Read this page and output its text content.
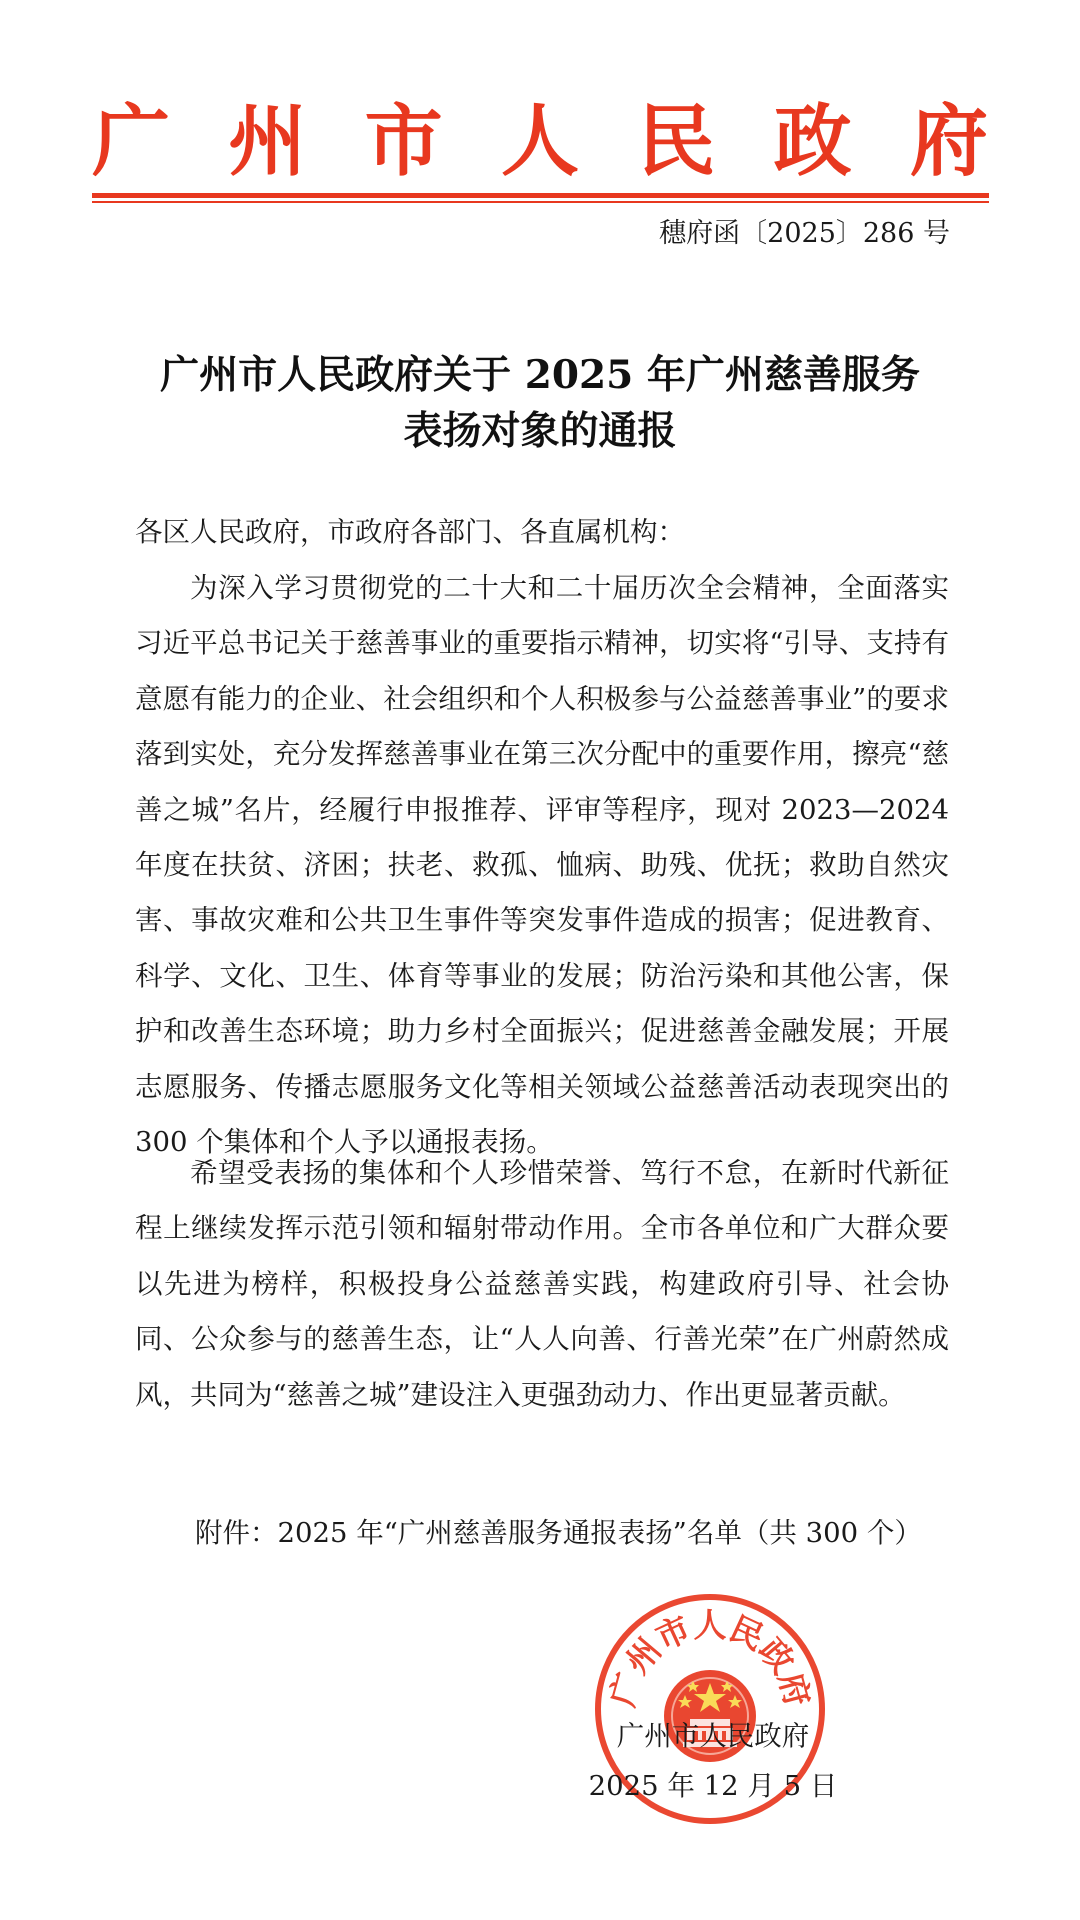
广 州 市 人 民 政 府
穗府函〔2025〕286 号
广州市人民政府关于 2025 年广州慈善服务
表扬对象的通报
各区人民政府，市政府各部门、各直属机构：

为深入学习贯彻党的二十大和二十届历次全会精神，全面落实习近平总书记关于慈善事业的重要指示精神，切实将“引导、支持有意愿有能力的企业、社会组织和个人积极参与公益慈善事业”的要求落到实处，充分发挥慈善事业在第三次分配中的重要作用，擦亮“慈善之城”名片，经履行申报推荐、评审等程序，现对 2023—2024 年度在扶贫、济困；扶老、救孤、恤病、助残、优抚；救助自然灾害、事故灾难和公共卫生事件等突发事件造成的损害；促进教育、科学、文化、卫生、体育等事业的发展；防治污染和其他公害，保护和改善生态环境；助力乡村全面振兴；促进慈善金融发展；开展志愿服务、传播志愿服务文化等相关领域公益慈善活动表现突出的 300 个集体和个人予以通报表扬。

希望受表扬的集体和个人珍惜荣誉、笃行不怠，在新时代新征程上继续发挥示范引领和辐射带动作用。全市各单位和广大群众要以先进为榜样，积极投身公益慈善实践，构建政府引导、社会协同、公众参与的慈善生态，让“人人向善、行善光荣”在广州蔚然成风，共同为“慈善之城”建设注入更强劲动力、作出更显著贡献。

附件：2025 年“广州慈善服务通报表扬”名单（共 300 个）
广州市人民政府
广州市人民政府
2025 年 12 月 5 日
